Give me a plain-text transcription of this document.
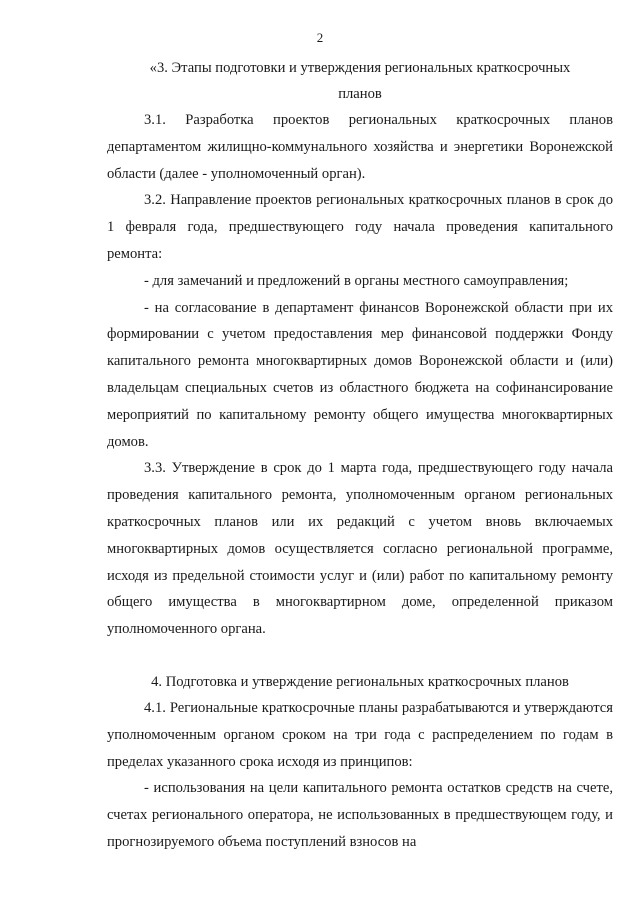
2

«3. Этапы подготовки и утверждения региональных краткосрочных
планов

3.1. Разработка проектов региональных краткосрочных планов департаментом жилищно-коммунального хозяйства и энергетики Воронежской области (далее - уполномоченный орган).

3.2. Направление проектов региональных краткосрочных планов в срок до 1 февраля года, предшествующего году начала проведения капитального ремонта:

- для замечаний и предложений в органы местного самоуправления;

- на согласование в департамент финансов Воронежской области при их формировании с учетом предоставления мер финансовой поддержки Фонду капитального ремонта многоквартирных домов Воронежской области и (или) владельцам специальных счетов из областного бюджета на софинансирование мероприятий по капитальному ремонту общего имущества многоквартирных домов.

3.3. Утверждение в срок до 1 марта года, предшествующего году начала проведения капитального ремонта, уполномоченным органом региональных краткосрочных планов или их редакций с учетом вновь включаемых многоквартирных домов осуществляется согласно региональной программе, исходя из предельной стоимости услуг и (или) работ по капитальному ремонту общего имущества в многоквартирном доме, определенной приказом уполномоченного органа.

4. Подготовка и утверждение региональных краткосрочных планов

4.1. Региональные краткосрочные планы разрабатываются и утверждаются уполномоченным органом сроком на три года с распределением по годам в пределах указанного срока исходя из принципов:

- использования на цели капитального ремонта остатков средств на счете, счетах регионального оператора, не использованных в предшествующем году, и прогнозируемого объема поступлений взносов на
